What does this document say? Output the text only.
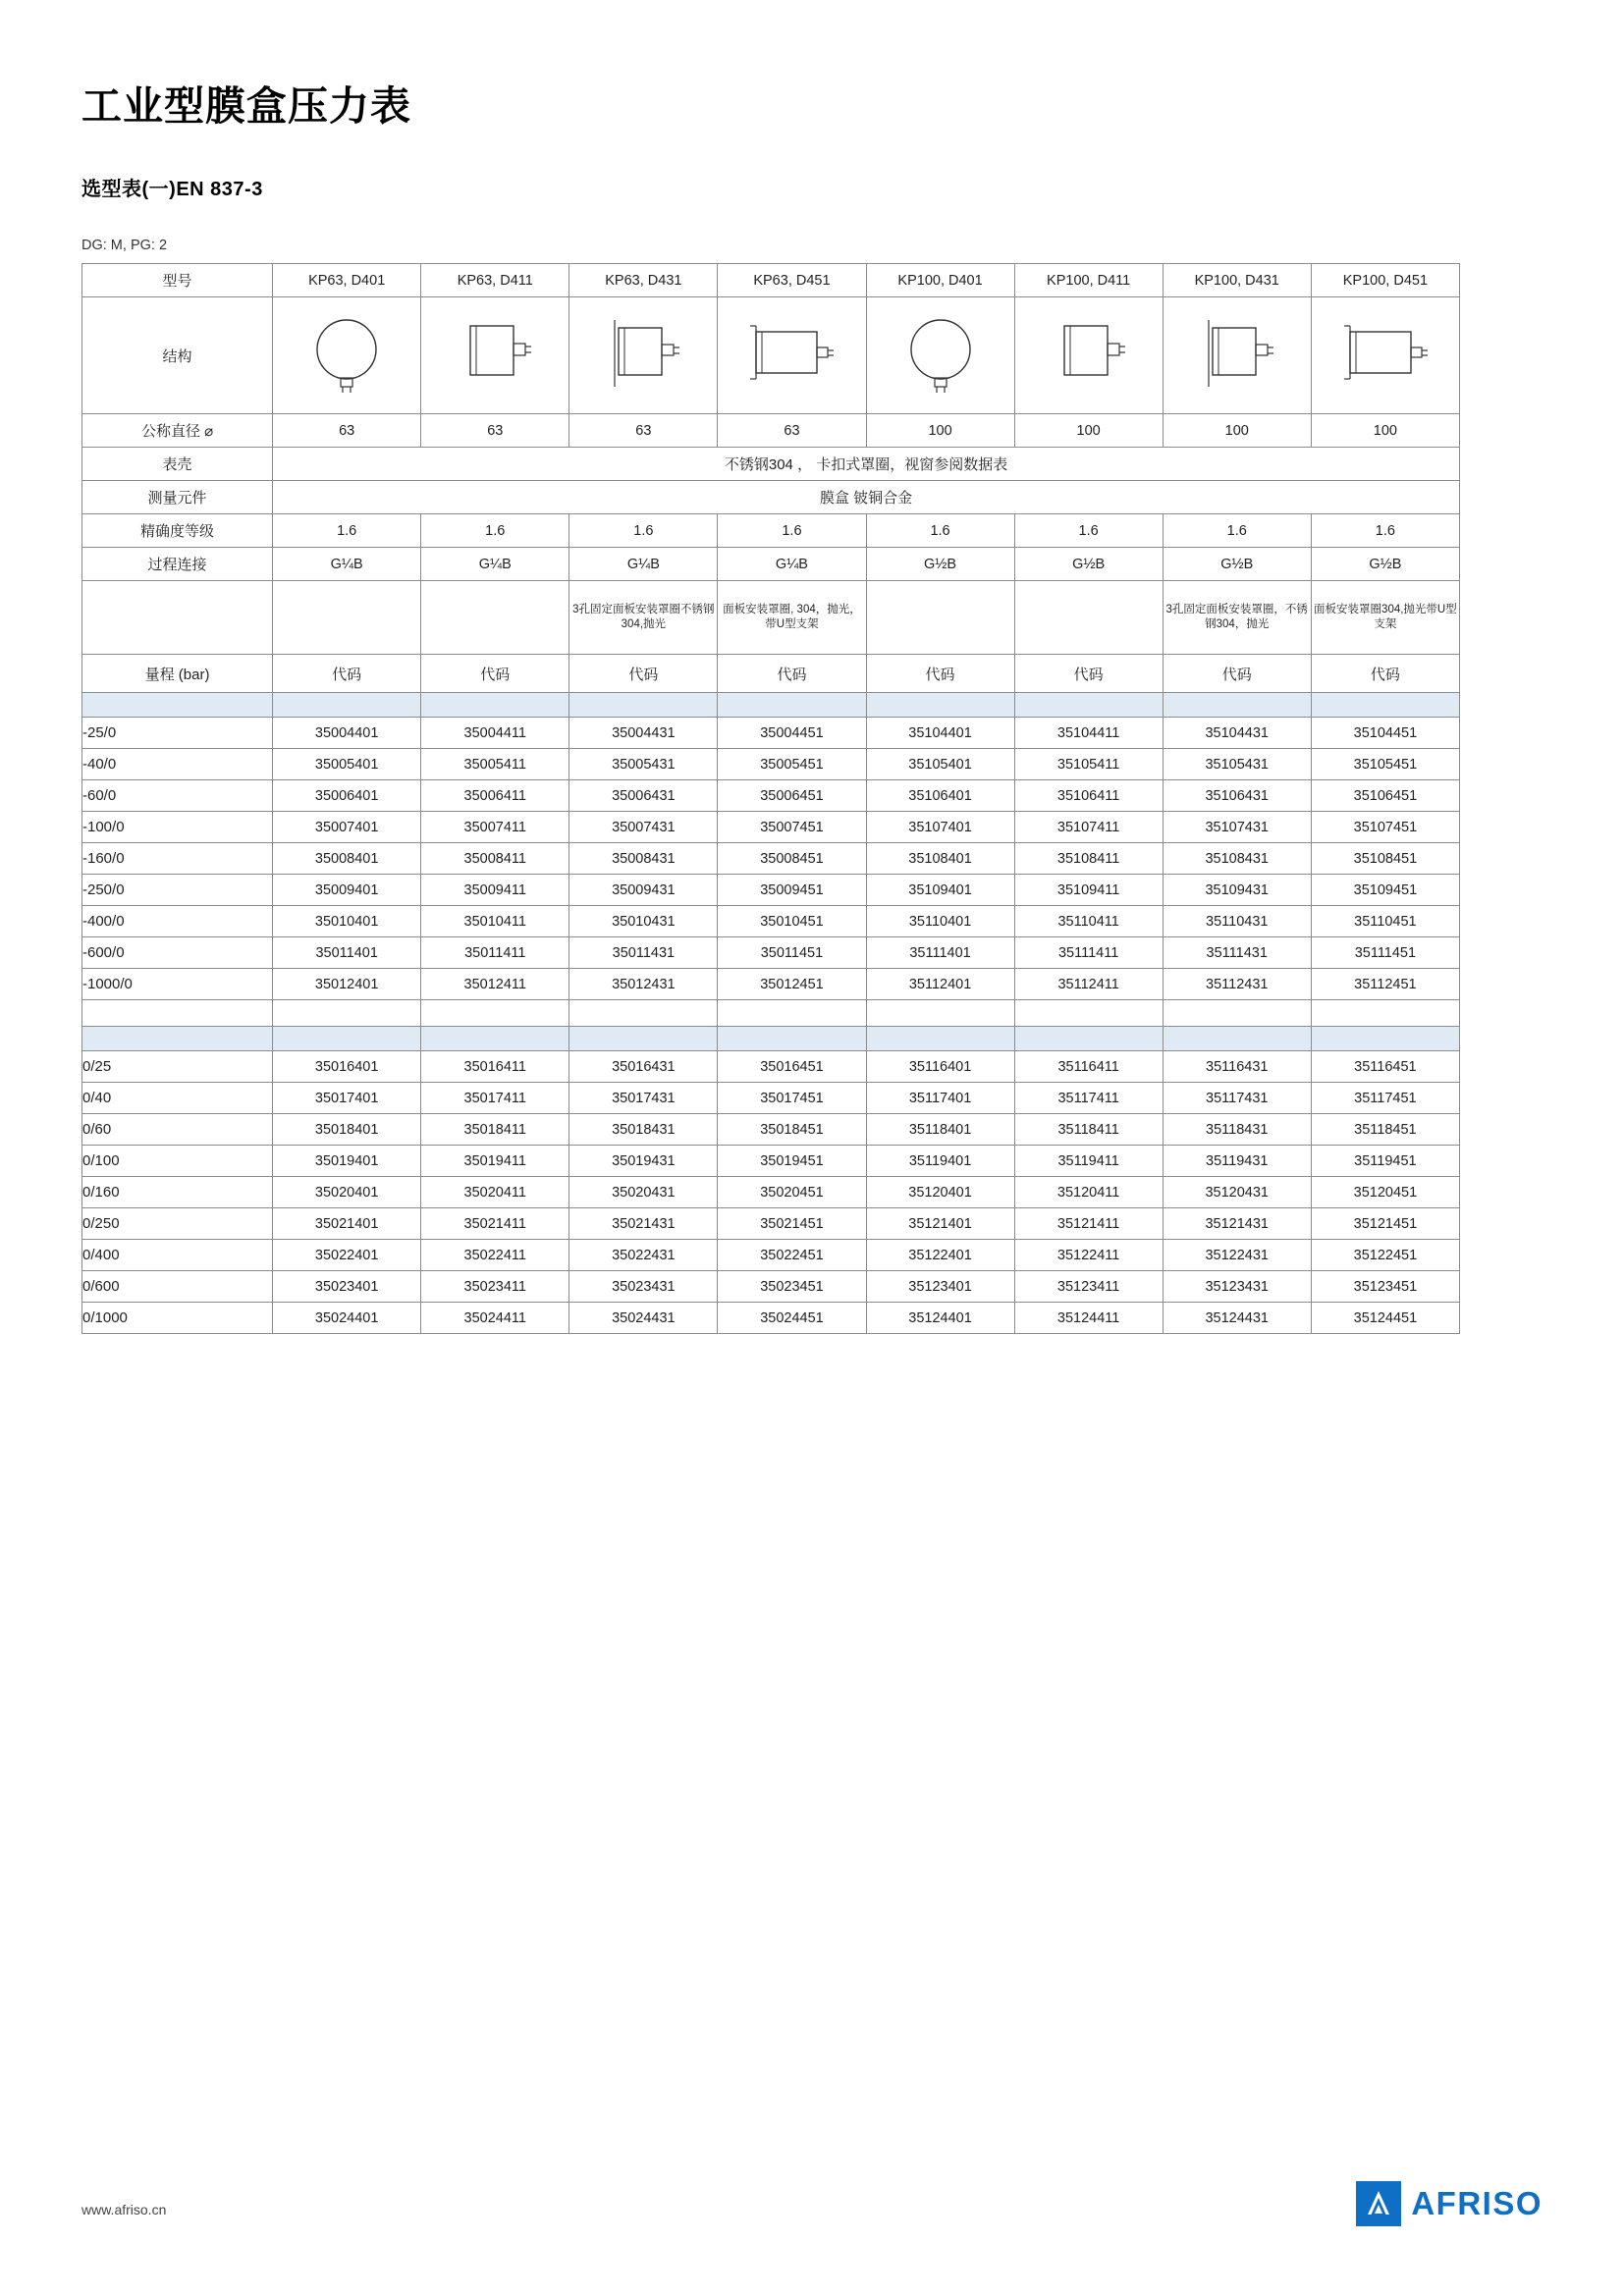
工业型膜盒压力表
选型表(一)EN 837-3
DG: M, PG: 2
型号	KP63, D401	KP63, D411	KP63, D431	KP63, D451	KP100, D401	KP100, D411	KP100, D431	KP100, D451
结构	

公称直径 ⌀	63	63	63	63	100	100	100	100
表壳	不锈钢304 ， 卡扣式罩圈，视窗参阅数据表							
测量元件	膜盒 铍铜合金							
精确度等级	1.6	1.6	1.6	1.6	1.6	1.6	1.6	1.6
过程连接	G¼B	G¼B	G¼B	G¼B	G½B	G½B	G½B	G½B
			3孔固定面板安装罩圈不锈钢304,抛光	面板安装罩圈, 304，抛光，带U型支架			3孔固定面板安装罩圈，不锈钢304，抛光	面板安装罩圈304,抛光带U型支架
量程 (bar)	代码	代码	代码	代码	代码	代码	代码	代码

-25/0	35004401	35004411	35004431	35004451	35104401	35104411	35104431	35104451
-40/0	35005401	35005411	35005431	35005451	35105401	35105411	35105431	35105451
-60/0	35006401	35006411	35006431	35006451	35106401	35106411	35106431	35106451
-100/0	35007401	35007411	35007431	35007451	35107401	35107411	35107431	35107451
-160/0	35008401	35008411	35008431	35008451	35108401	35108411	35108431	35108451
-250/0	35009401	35009411	35009431	35009451	35109401	35109411	35109431	35109451
-400/0	35010401	35010411	35010431	35010451	35110401	35110411	35110431	35110451
-600/0	35011401	35011411	35011431	35011451	35111401	35111411	35111431	35111451
-1000/0	35012401	35012411	35012431	35012451	35112401	35112411	35112431	35112451

0/25	35016401	35016411	35016431	35016451	35116401	35116411	35116431	35116451
0/40	35017401	35017411	35017431	35017451	35117401	35117411	35117431	35117451
0/60	35018401	35018411	35018431	35018451	35118401	35118411	35118431	35118451
0/100	35019401	35019411	35019431	35019451	35119401	35119411	35119431	35119451
0/160	35020401	35020411	35020431	35020451	35120401	35120411	35120431	35120451
0/250	35021401	35021411	35021431	35021451	35121401	35121411	35121431	35121451
0/400	35022401	35022411	35022431	35022451	35122401	35122411	35122431	35122451
0/600	35023401	35023411	35023431	35023451	35123401	35123411	35123431	35123451
0/1000	35024401	35024411	35024431	35024451	35124401	35124411	35124431	35124451
www.afriso.cn	AFRISO
